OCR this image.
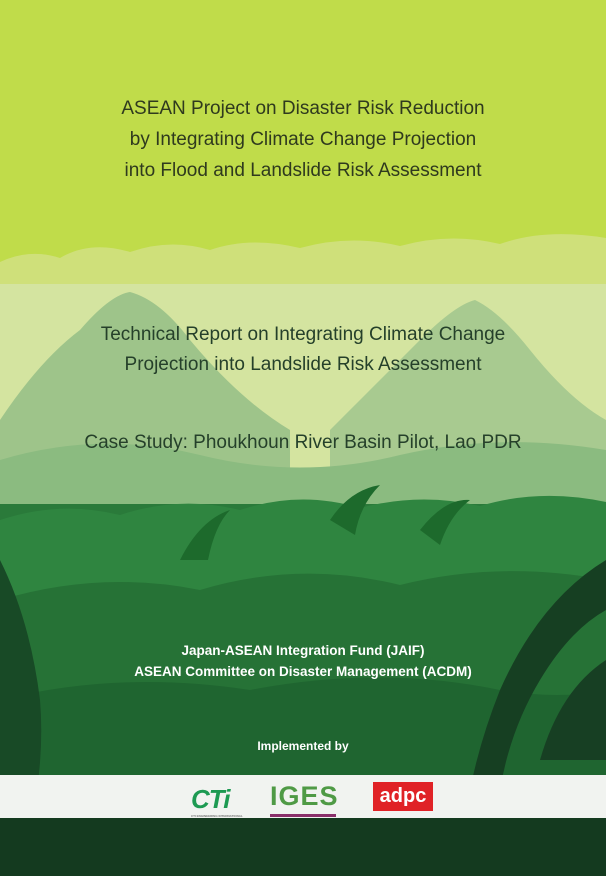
ASEAN Project on Disaster Risk Reduction
by Integrating Climate Change Projection
into Flood and Landslide Risk Assessment
Technical Report on Integrating Climate Change
Projection into Landslide Risk Assessment
Case Study: Phoukhoun River Basin Pilot, Lao PDR
Japan-ASEAN Integration Fund (JAIF)
ASEAN Committee on Disaster Management (ACDM)
Implemented by
CTi
CTI ENGINEERING INTERNATIONAL
IGES	adpc
